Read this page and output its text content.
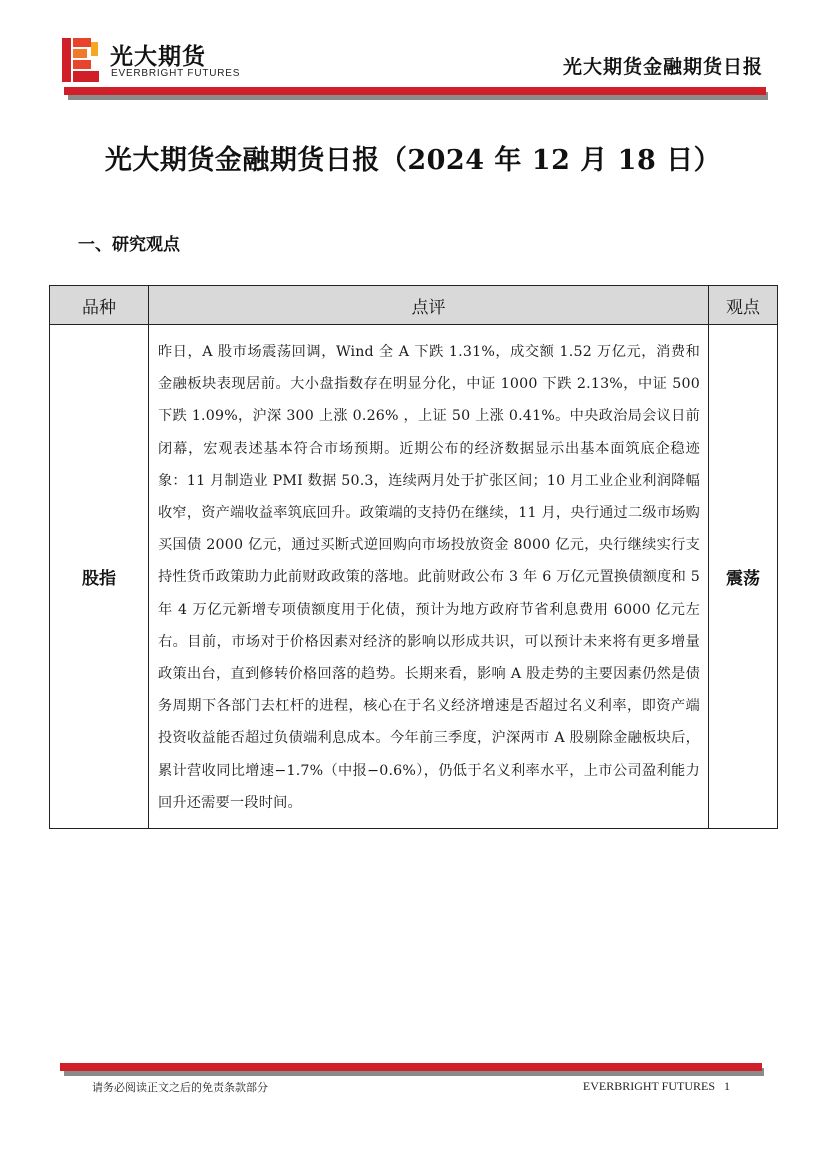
光大期货
EVERBRIGHT FUTURES	光大期货金融期货日报
光大期货金融期货日报（2024 年 12 月 18 日）
一、研究观点
品种	点评	观点
股指	昨日，A 股市场震荡回调，Wind 全 A 下跌 1.31%，成交额 1.52 万亿元，消费和金融板块表现居前。大小盘指数存在明显分化，中证 1000 下跌 2.13%，中证 500 下跌 1.09%，沪深 300 上涨 0.26% ，上证 50 上涨 0.41%。中央政治局会议日前闭幕，宏观表述基本符合市场预期。近期公布的经济数据显示出基本面筑底企稳迹象：11 月制造业 PMI 数据 50.3，连续两月处于扩张区间；10 月工业企业利润降幅收窄，资产端收益率筑底回升。政策端的支持仍在继续，11 月，央行通过二级市场购买国债 2000 亿元，通过买断式逆回购向市场投放资金 8000 亿元，央行继续实行支持性货币政策助力此前财政政策的落地。此前财政公布 3 年 6 万亿元置换债额度和 5 年 4 万亿元新增专项债额度用于化债，预计为地方政府节省利息费用 6000 亿元左右。目前，市场对于价格因素对经济的影响以形成共识，可以预计未来将有更多增量政策出台，直到修转价格回落的趋势。长期来看，影响 A 股走势的主要因素仍然是债务周期下各部门去杠杆的进程，核心在于名义经济增速是否超过名义利率，即资产端投资收益能否超过负债端利息成本。今年前三季度，沪深两市 A 股剔除金融板块后，累计营收同比增速−1.7%（中报−0.6%），仍低于名义利率水平，上市公司盈利能力回升还需要一段时间。	震荡
请务必阅读正文之后的免责条款部分	EVERBRIGHT FUTURES 1
